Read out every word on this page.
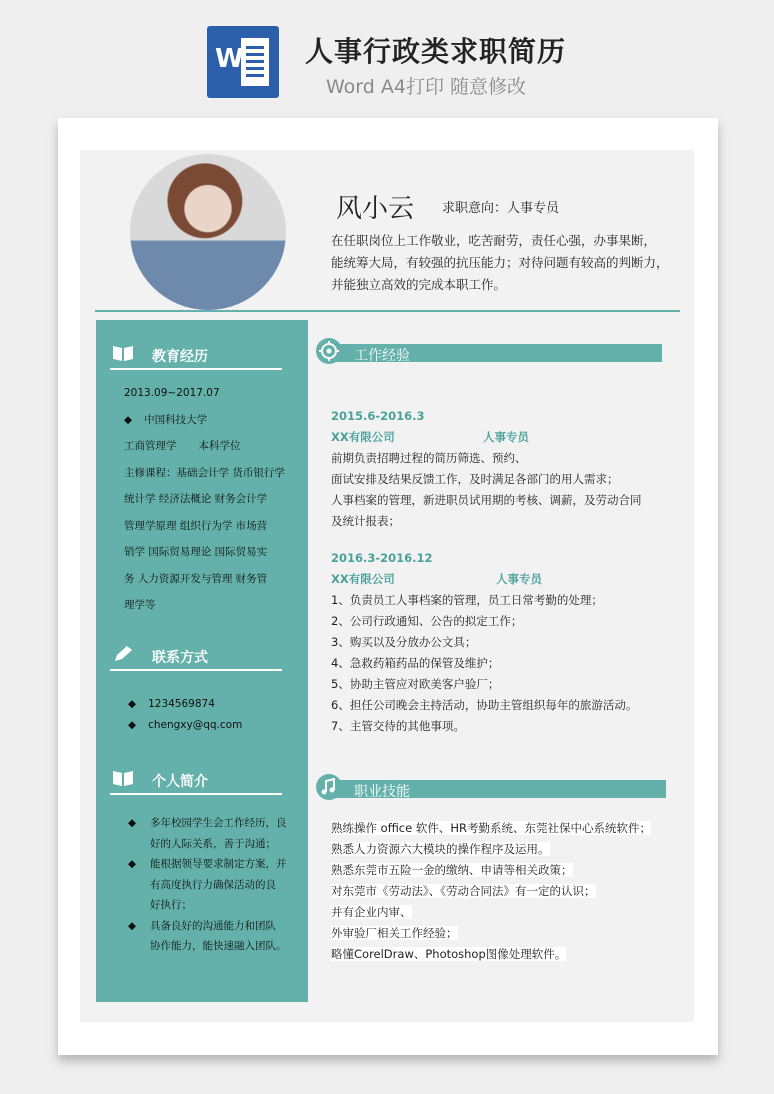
W 人事行政类求职简历
Word A4打印 随意修改
风小云 求职意向：人事专员
在任职岗位上工作敬业，吃苦耐劳，责任心强，办事果断，
能统筹大局，有较强的抗压能力；对待问题有较高的判断力，
并能独立高效的完成本职工作。
教育经历
2013.09~2017.07
◆ 中国科技大学
工商管理学 本科学位
主修课程：基础会计学 货币银行学
统计学 经济法概论 财务会计学
管理学原理 组织行为学 市场营
销学 国际贸易理论 国际贸易实
务 人力资源开发与管理 财务管
理学等
联系方式
◆ 1234569874
◆ chengxy@qq.com
个人简介
◆ 多年校园学生会工作经历，良
好的人际关系，善于沟通；
◆ 能根据领导要求制定方案，并
有高度执行力确保活动的良
好执行；
◆ 具备良好的沟通能力和团队
协作能力，能快速融入团队。
工作经验
2015.6-2016.3
XX有限公司	人事专员
前期负责招聘过程的简历筛选、预约、
面试安排及结果反馈工作，及时满足各部门的用人需求；
人事档案的管理，新进职员试用期的考核、调薪，及劳动合同
及统计报表；
2016.3-2016.12
XX有限公司	人事专员
1、负责员工人事档案的管理，员工日常考勤的处理；
2、公司行政通知、公告的拟定工作；
3、购买以及分放办公文具；
4、急救药箱药品的保管及维护；
5、协助主管应对欧美客户验厂；
6、担任公司晚会主持活动，协助主管组织每年的旅游活动。
7、主管交待的其他事项。
职业技能
熟练操作 office 软件、HR考勤系统、东莞社保中心系统软件；
熟悉人力资源六大模块的操作程序及运用。
熟悉东莞市五险一金的缴纳、申请等相关政策；
对东莞市《劳动法》、《劳动合同法》有一定的认识；
并有企业内审、
外审验厂相关工作经验；
略懂CorelDraw、Photoshop图像处理软件。
